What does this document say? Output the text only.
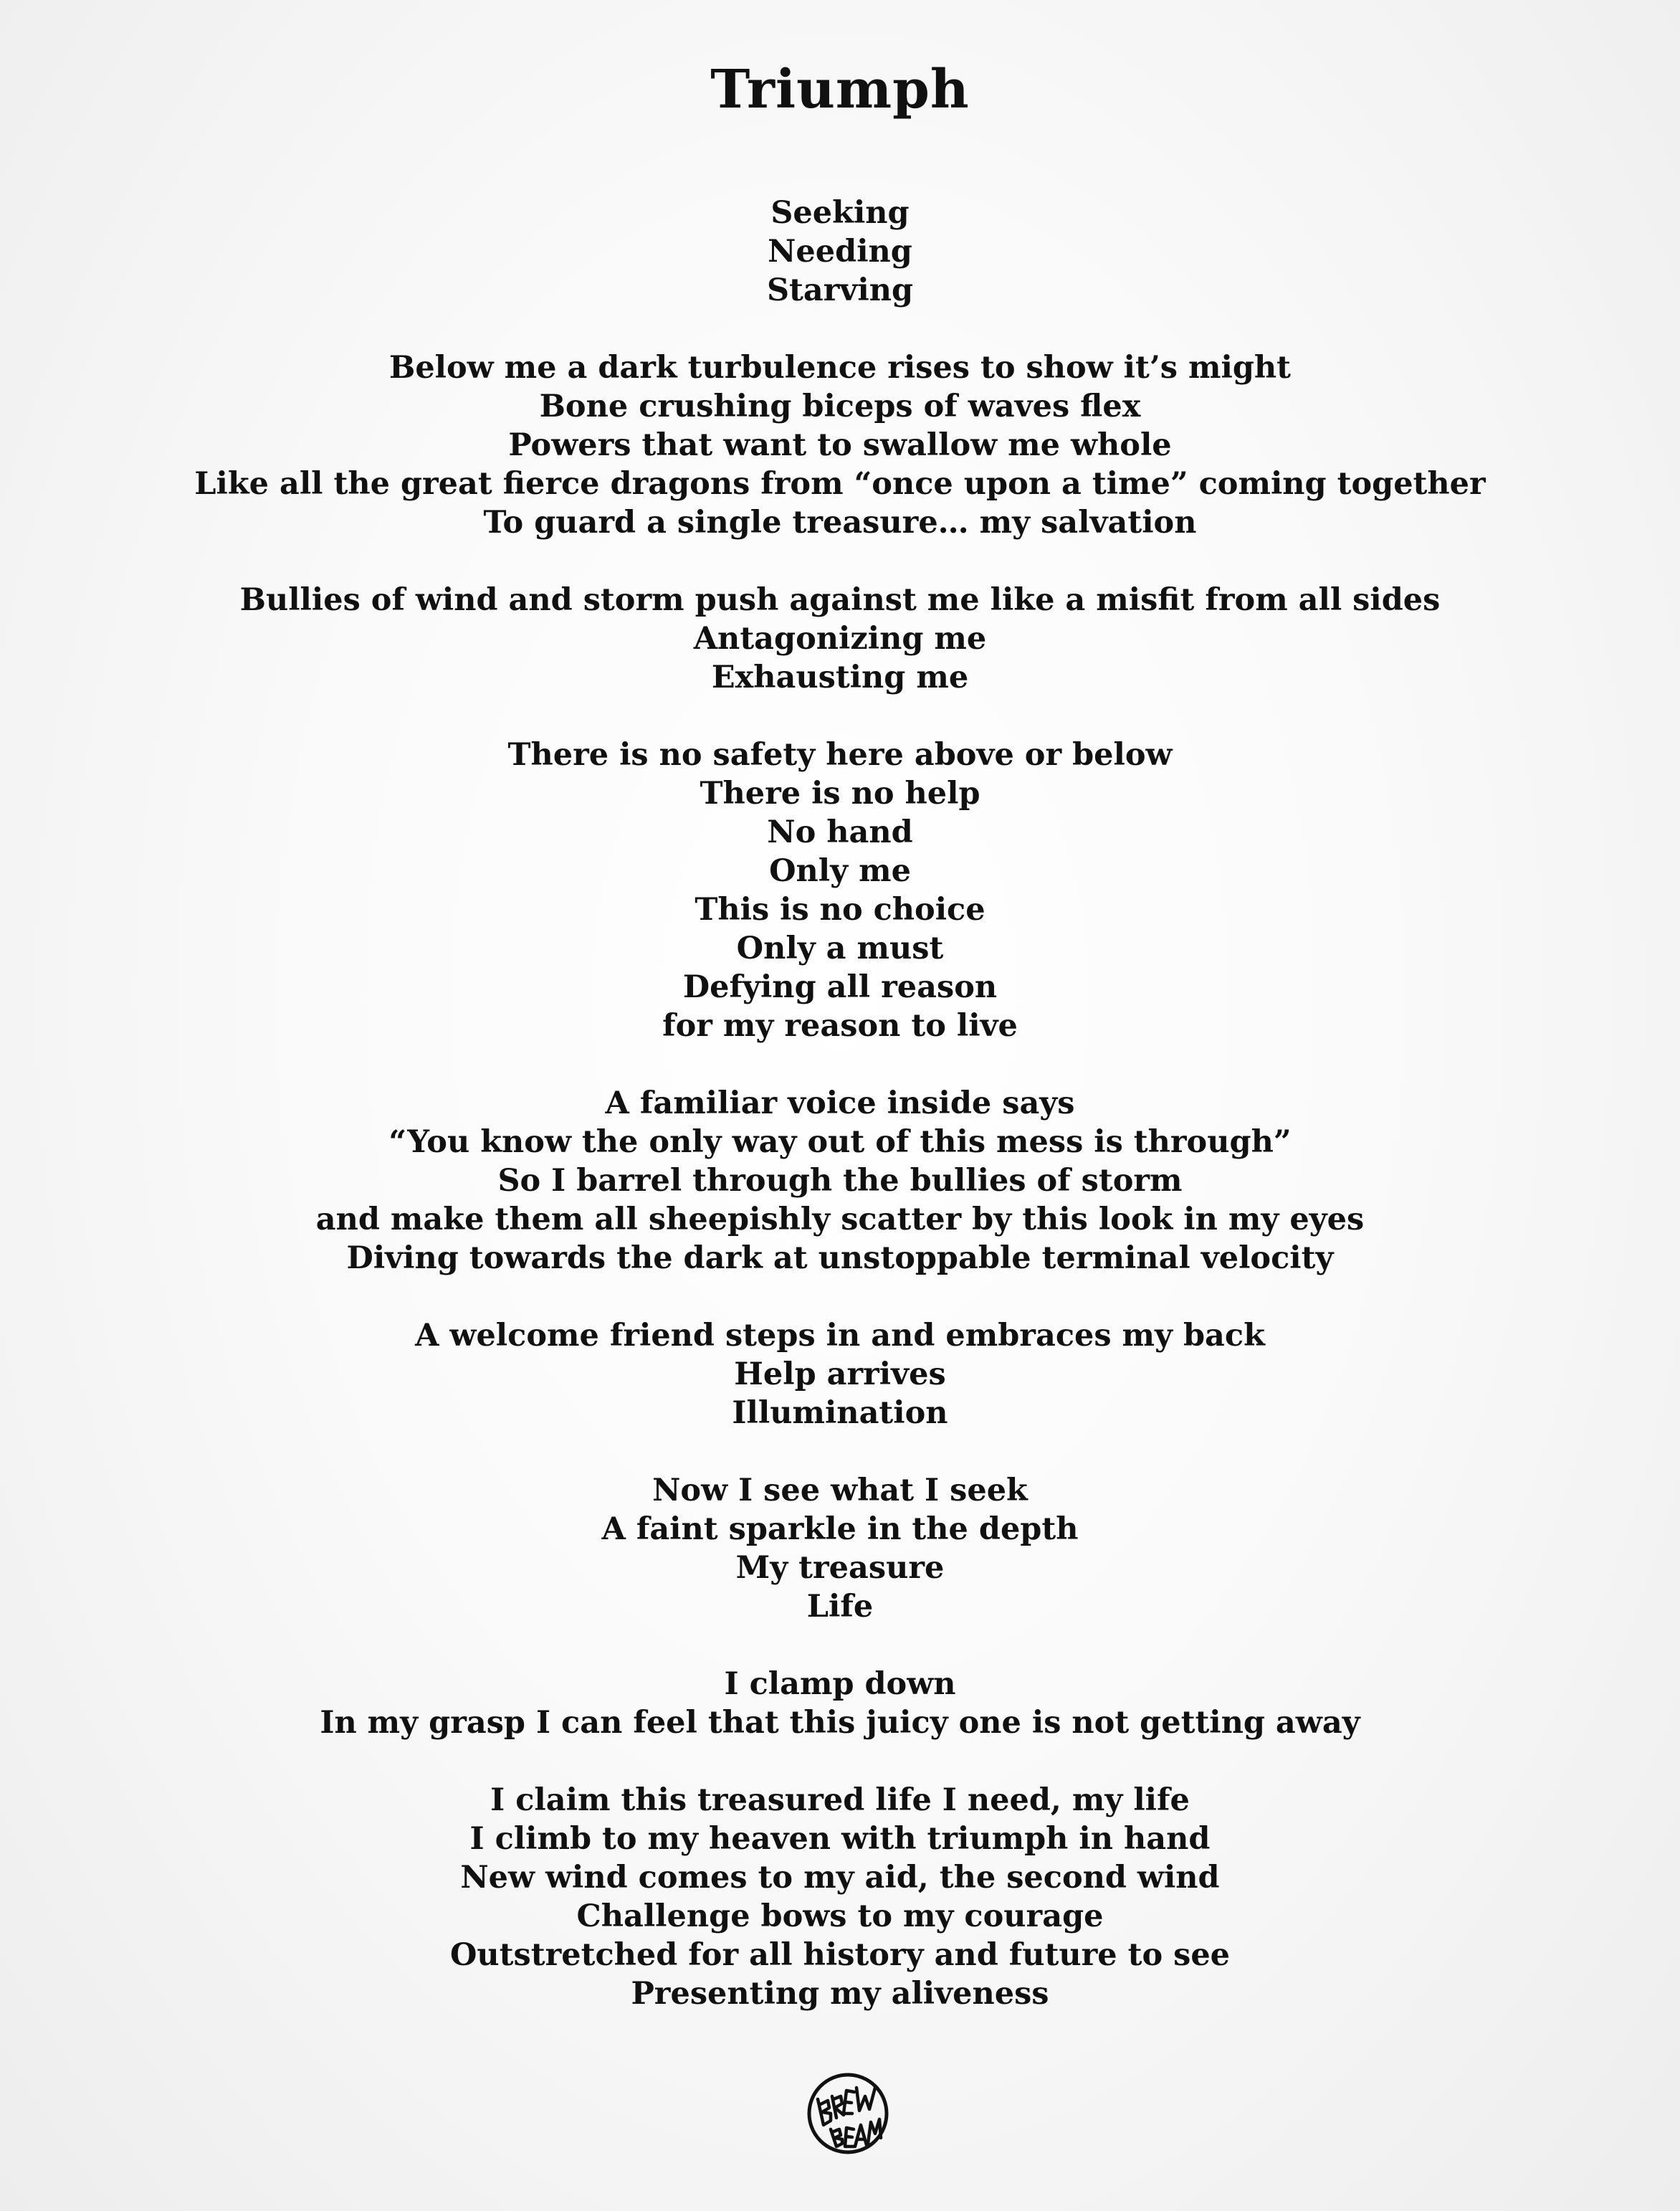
Triumph
Seeking
Needing
Starving
Below me a dark turbulence rises to show it’s might
Bone crushing biceps of waves flex
Powers that want to swallow me whole
Like all the great fierce dragons from “once upon a time” coming together
To guard a single treasure… my salvation
Bullies of wind and storm push against me like a misfit from all sides
Antagonizing me
Exhausting me
There is no safety here above or below
There is no help
No hand
Only me
This is no choice
Only a must
Defying all reason
for my reason to live
A familiar voice inside says
“You know the only way out of this mess is through”
So I barrel through the bullies of storm
and make them all sheepishly scatter by this look in my eyes
Diving towards the dark at unstoppable terminal velocity
A welcome friend steps in and embraces my back
Help arrives
Illumination
Now I see what I seek
A faint sparkle in the depth
My treasure
Life
I clamp down
In my grasp I can feel that this juicy one is not getting away
I claim this treasured life I need, my life
I climb to my heaven with triumph in hand
New wind comes to my aid, the second wind
Challenge bows to my courage
Outstretched for all history and future to see
Presenting my aliveness
